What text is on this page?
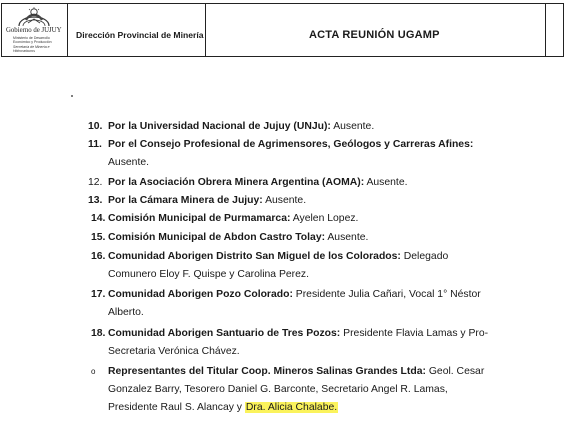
Gobierno de JUJUY
Ministerio de Desarrollo
Económico y Producción
Secretaría de Minería e
Hidrocarburos
Dirección Provincial de Minería	ACTA REUNIÓN UGAMP
10. Por la Universidad Nacional de Jujuy (UNJu): Ausente.
11. Por el Consejo Profesional de Agrimensores, Geólogos y Carreras Afines:
Ausente.
12. Por la Asociación Obrera Minera Argentina (AOMA): Ausente.
13. Por la Cámara Minera de Jujuy: Ausente.
14. Comisión Municipal de Purmamarca: Ayelen Lopez.
15. Comisión Municipal de Abdon Castro Tolay: Ausente.
16. Comunidad Aborigen Distrito San Miguel de los Colorados: Delegado
Comunero Eloy F. Quispe y Carolina Perez.
17. Comunidad Aborigen Pozo Colorado: Presidente Julia Cañari, Vocal 1° Néstor
Alberto.
18. Comunidad Aborigen Santuario de Tres Pozos: Presidente Flavia Lamas y Pro-
Secretaria Verónica Chávez.
o Representantes del Titular Coop. Mineros Salinas Grandes Ltda: Geol. Cesar
Gonzalez Barry, Tesorero Daniel G. Barconte, Secretario Angel R. Lamas,
Presidente Raul S. Alancay y Dra. Alicia Chalabe.
